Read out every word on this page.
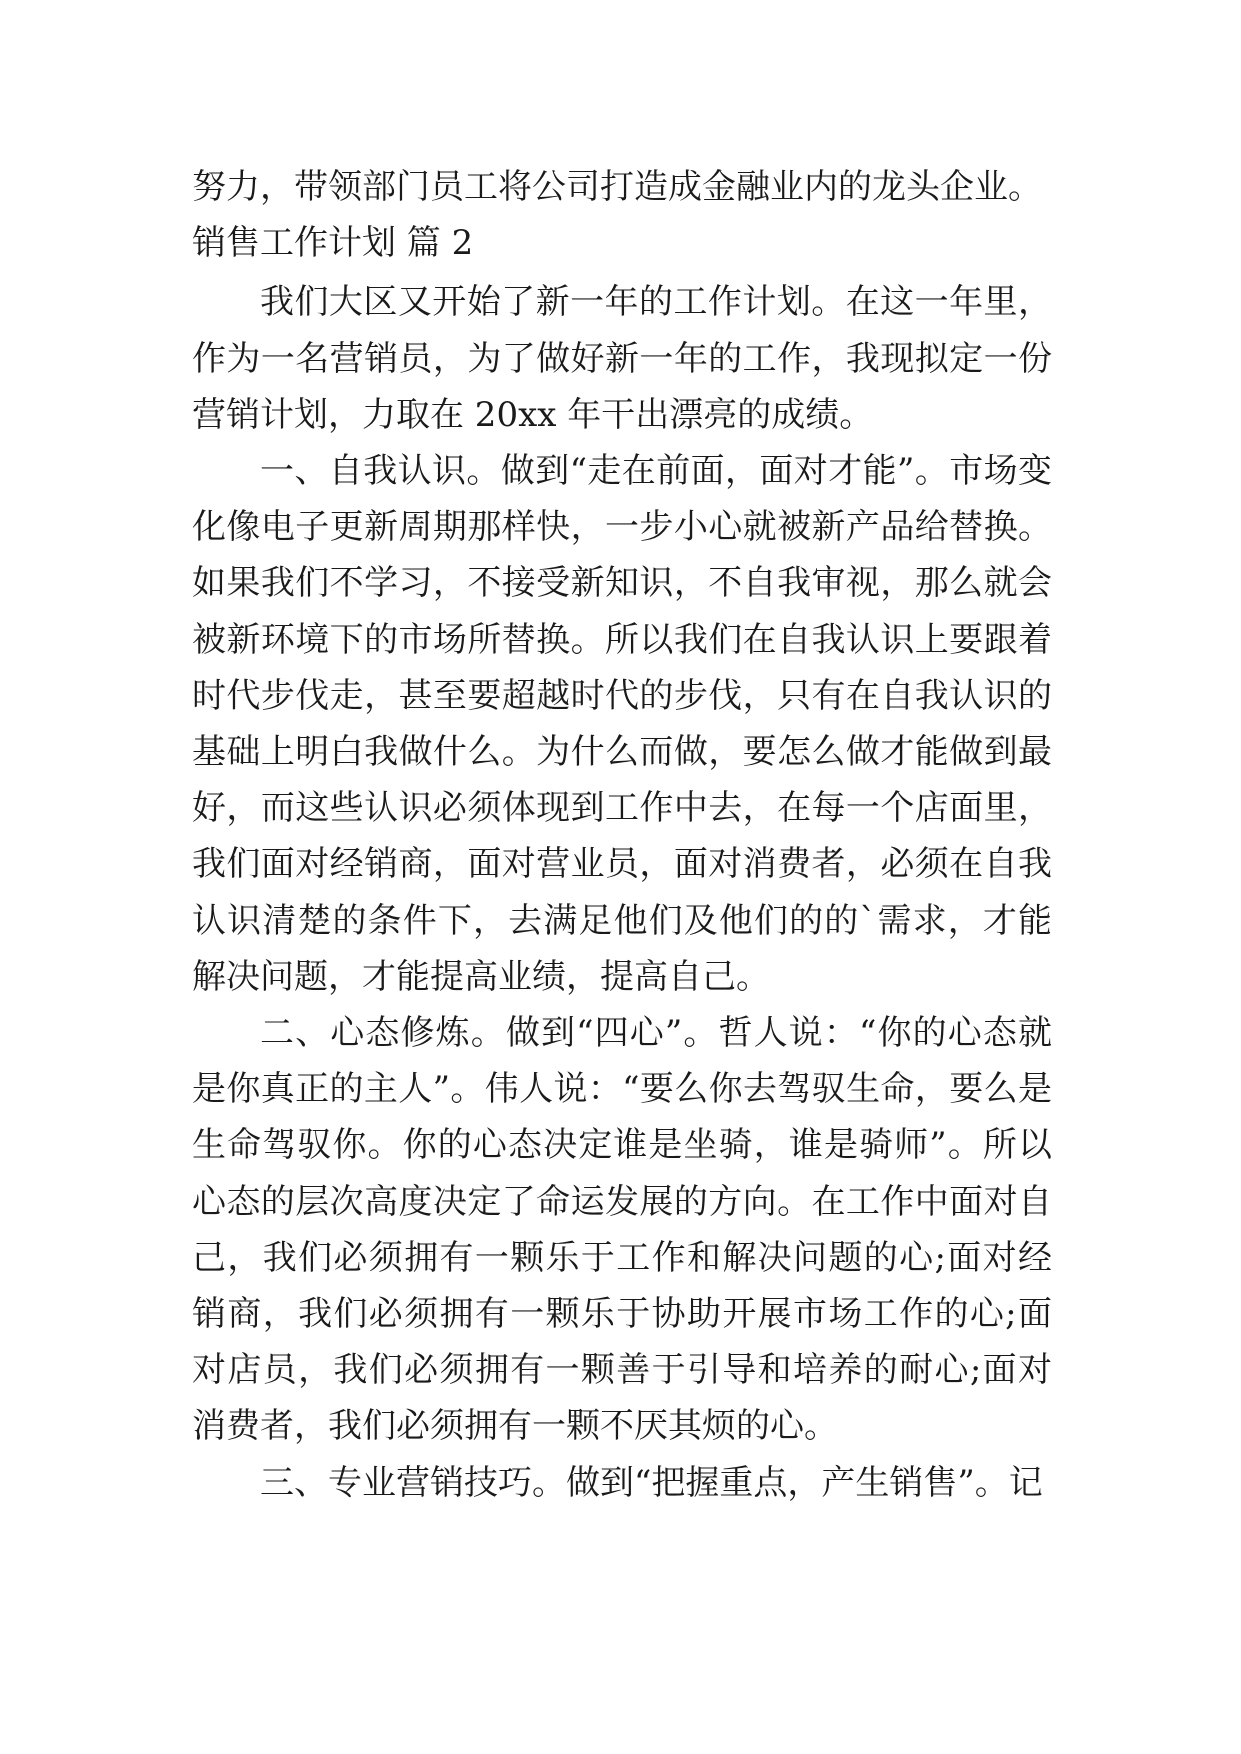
努力，带领部门员工将公司打造成金融业内的龙头企业。
销售工作计划 篇 2

我们大区又开始了新一年的工作计划。在这一年里，作为一名营销员，为了做好新一年的工作，我现拟定一份营销计划，力取在 20xx 年干出漂亮的成绩。

一、自我认识。做到“走在前面，面对才能”。市场变化像电子更新周期那样快，一步小心就被新产品给替换。如果我们不学习，不接受新知识，不自我审视，那么就会被新环境下的市场所替换。所以我们在自我认识上要跟着时代步伐走，甚至要超越时代的步伐，只有在自我认识的基础上明白我做什么。为什么而做，要怎么做才能做到最好，而这些认识必须体现到工作中去，在每一个店面里，我们面对经销商，面对营业员，面对消费者，必须在自我认识清楚的条件下，去满足他们及他们的的`需求，才能解决问题，才能提高业绩，提高自己。

二、心态修炼。做到“四心”。哲人说：“你的心态就是你真正的主人”。伟人说：“要么你去驾驭生命，要么是生命驾驭你。你的心态决定谁是坐骑，谁是骑师”。所以心态的层次高度决定了命运发展的方向。在工作中面对自己，我们必须拥有一颗乐于工作和解决问题的心;面对经销商，我们必须拥有一颗乐于协助开展市场工作的心;面对店员，我们必须拥有一颗善于引导和培养的耐心;面对消费者，我们必须拥有一颗不厌其烦的心。

三、专业营销技巧。做到“把握重点，产生销售”。记
